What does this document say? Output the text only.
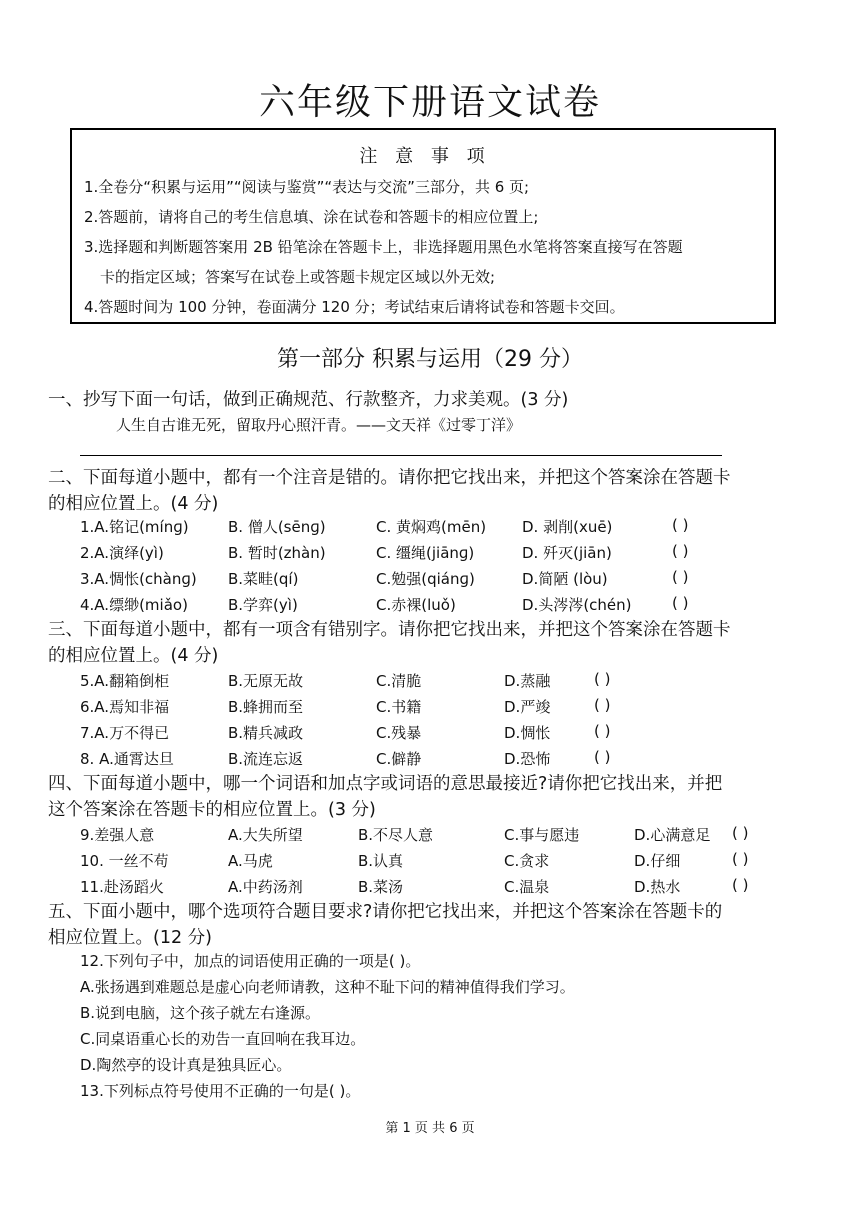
六年级下册语文试卷
注 意 事 项
1.全卷分“积累与运用”“阅读与鉴赏”“表达与交流”三部分，共 6 页;
2.答题前，请将自己的考生信息填、涂在试卷和答题卡的相应位置上;
3.选择题和判断题答案用 2B 铅笔涂在答题卡上，非选择题用黑色水笔将答案直接写在答题
卡的指定区域；答案写在试卷上或答题卡规定区域以外无效;
4.答题时间为 100 分钟，卷面满分 120 分；考试结束后请将试卷和答题卡交回。
第一部分 积累与运用（29 分）
一、抄写下面一句话，做到正确规范、行款整齐，力求美观。(3 分)
人生自古谁无死，留取丹心照汗青。——文天祥《过零丁洋》
二、下面每道小题中，都有一个注音是错的。请你把它找出来，并把这个答案涂在答题卡
的相应位置上。(4 分)
1.A.铭记(mínɡ)	B. 僧人(sēnɡ)	C. 黄焖鸡(mēn) D. 剥削(xuē)	( )
2.A.演绎(yì)	B. 暂时(zhàn)	C. 缰绳(jiānɡ)	D. 歼灭(jiān)	( )
3.A.惆怅(chànɡ) B.菜畦(qí)	C.勉强(qiánɡ)	D.简陋 (lòu)	( )
4.A.缥缈(miǎo)	B.学弈(yì)	C.赤裸(luǒ)	D.头涔涔(chén)	( )
三、下面每道小题中，都有一项含有错别字。请你把它找出来，并把这个答案涂在答题卡
的相应位置上。(4 分)
5.A.翻箱倒柜	B.无原无故	C.清脆	D.蒸融	( )
6.A.焉知非福	B.蜂拥而至	C.书籍	D.严竣	( )
7.A.万不得已	B.精兵减政	C.残暴	D.惆怅	( )
8. A.通霄达旦	B.流连忘返	C.僻静	D.恐怖	( )
四、下面每道小题中，哪一个词语和加点字或词语的意思最接近?请你把它找出来，并把
这个答案涂在答题卡的相应位置上。(3 分)
9.差强人意	A.大失所望	B.不尽人意	C.事与愿违	D.心满意足 ( )
10. 一丝不苟	A.马虎	B.认真	C.贪求	D.仔细	( )
11.赴汤蹈火	A.中药汤剂	B.菜汤	C.温泉	D.热水	( )
五、下面小题中，哪个选项符合题目要求?请你把它找出来，并把这个答案涂在答题卡的
相应位置上。(12 分)
12.下列句子中，加点的词语使用正确的一项是( )。
A.张扬遇到难题总是虚心向老师请教，这种不耻下问的精神值得我们学习。
B.说到电脑，这个孩子就左右逢源。
C.同桌语重心长的劝告一直回响在我耳边。
D.陶然亭的设计真是独具匠心。
13.下列标点符号使用不正确的一句是( )。
第 1 页 共 6 页
